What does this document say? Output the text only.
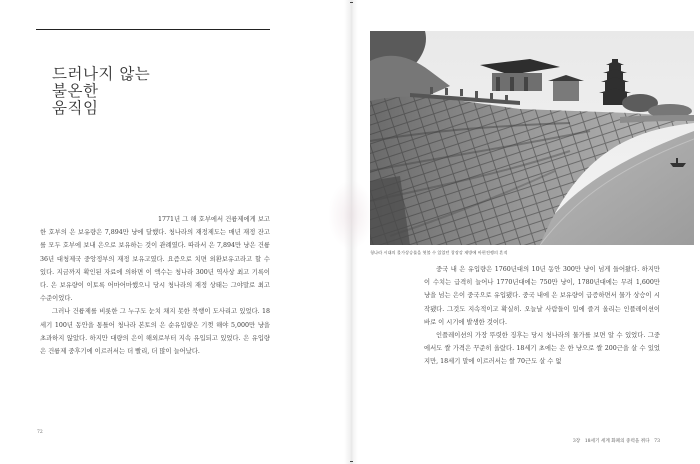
드러나지 않는
불온한
움직임

1771년 그 해 호부에서 건륭제에게 보고한 호부의 은 보유량은 7,894만 냥에 달했다. 청나라의 재정제도는 매년 재정 잔고를 모두 호부에 보내 은으로 보유하는 것이 관례였다. 따라서 은 7,894만 냥은 건륭 36년 대청제국 중앙정부의 재정 보유고였다. 요즘으로 치면 외환보유고라고 할 수 있다. 지금까지 확인된 자료에 의하면 이 액수는 청나라 300년 역사상 최고 기록이다. 은 보유량이 이토록 어마어마했으니 당시 청나라의 재정 상태는 그야말로 최고 수준이었다.

그러나 건륭제를 비롯한 그 누구도 눈치 채지 못한 북행이 도사리고 있었다. 18세기 100년 동안을 통틀어 청나라 본토의 은 순유입량은 기껏 해야 5,000만 냥을 초과하지 않았다. 하지만 대량의 은이 해외로부터 지속 유입되고 있었다. 은 유입량은 건륭제 중후기에 이르러서는 더 빨리, 더 많이 늘어났다.

72
청나라 시대의 물가상승률을 엿볼 수 있었던 창장강 제방에 아편전쟁의 흔적

중국 내 은 유입량은 1760년대의 10년 동안 300만 냥이 넘게 들어왔다. 하지만 이 수치는 급격히 늘어나 1770년대에는 750만 냥이, 1780년대에는 무려 1,600만 냥을 넘는 은이 중국으로 유입됐다. 중국 내에 은 보유량이 급증하면서 물가 상승이 시작됐다. 그것도 지속적이고 확실히. 오늘날 사람들이 입에 즐겨 올리는 인플레이션이 바로 이 시기에 발생한 것이다.

인플레이션의 가장 뚜렷한 징후는 당시 청나라의 물가를 보면 알 수 있었다. 그중에서도 쌀 가격은 꾸준히 올랐다. 18세기 초에는 은 한 냥으로 쌀 200근을 살 수 있었지만, 18세기 말에 이르러서는 쌀 70근도 살 수 없

3장 18세기 세계 화폐의 중력을 쥐다 73
